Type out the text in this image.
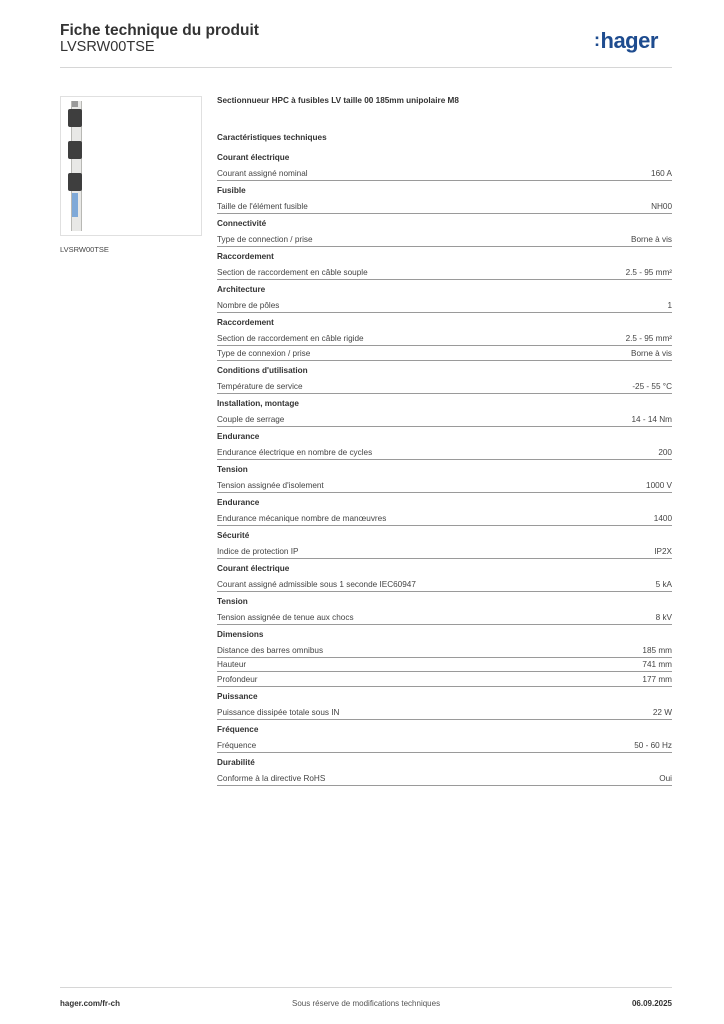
Fiche technique du produit
LVSRW00TSE	:hager
LVSRW00TSE
Sectionnueur HPC à fusibles LV taille 00 185mm unipolaire M8
Caractéristiques techniques
Courant électrique
Courant assigné nominal	160 A
Fusible
Taille de l'élément fusible	NH00
Connectivité
Type de connection / prise	Borne à vis
Raccordement
Section de raccordement en câble souple	2.5 - 95 mm²
Architecture
Nombre de pôles	1
Raccordement
Section de raccordement en câble rigide	2.5 - 95 mm²
Type de connexion / prise	Borne à vis
Conditions d'utilisation
Température de service	-25 - 55 °C
Installation, montage
Couple de serrage	14 - 14 Nm
Endurance
Endurance électrique en nombre de cycles	200
Tension
Tension assignée d'isolement	1000 V
Endurance
Endurance mécanique nombre de manœuvres	1400
Sécurité
Indice de protection IP	IP2X
Courant électrique
Courant assigné admissible sous 1 seconde IEC60947	5 kA
Tension
Tension assignée de tenue aux chocs	8 kV
Dimensions
Distance des barres omnibus	185 mm
Hauteur	741 mm
Profondeur	177 mm
Puissance
Puissance dissipée totale sous IN	22 W
Fréquence
Fréquence	50 - 60 Hz
Durabilité
Conforme à la directive RoHS	Oui
hager.com/fr-ch	Sous réserve de modifications techniques	06.09.2025
